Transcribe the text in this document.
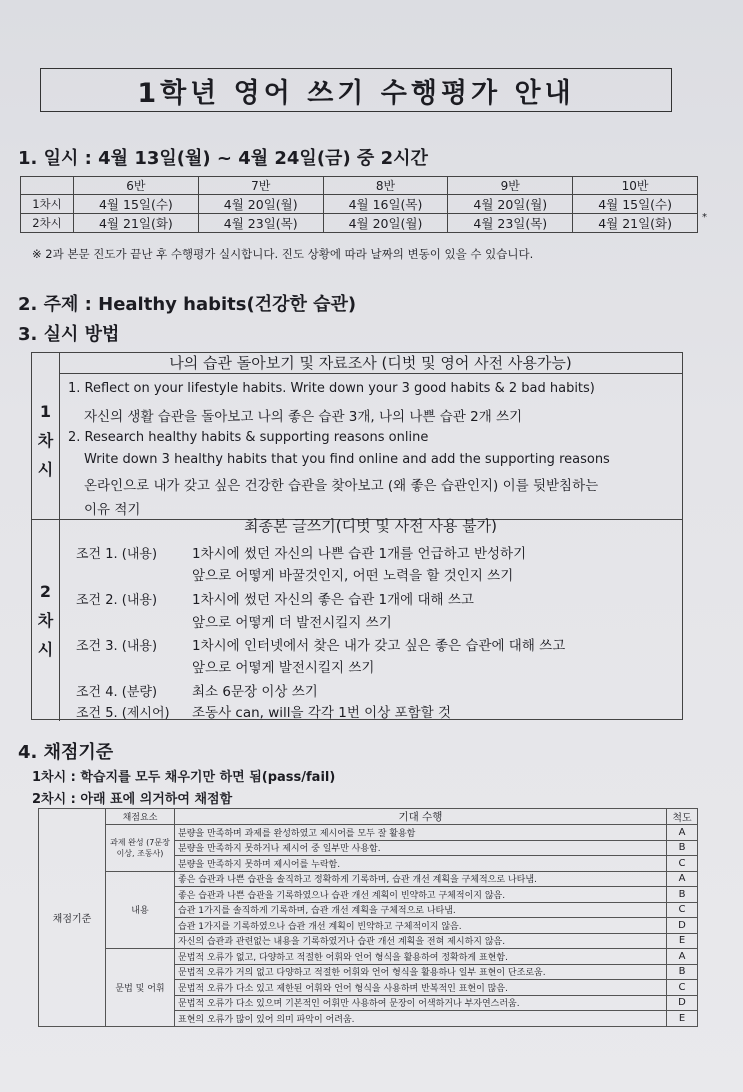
1학년 영어 쓰기 수행평가 안내
1. 일시 : 4월 13일(월) ~ 4월 24일(금) 중 2시간
	6반	7반	8반	9반	10반
1차시	4월 15일(수)	4월 20일(월)	4월 16일(목)	4월 20일(월)	4월 15일(수)
2차시	4월 21일(화)	4월 23일(목)	4월 20일(월)	4월 23일(목)	4월 21일(화)	*
※ 2과 본문 진도가 끝난 후 수행평가 실시합니다. 진도 상황에 따라 날짜의 변동이 있을 수 있습니다.
2. 주제 : Healthy habits(건강한 습관)
3. 실시 방법
1
차
시
나의 습관 돌아보기 및 자료조사 (디벗 및 영어 사전 사용가능)
1. Reflect on your lifestyle habits. Write down your 3 good habits & 2 bad habits)
자신의 생활 습관을 돌아보고 나의 좋은 습관 3개, 나의 나쁜 습관 2개 쓰기
2. Research healthy habits & supporting reasons online
Write down 3 healthy habits that you find online and add the supporting reasons
온라인으로 내가 갖고 싶은 건강한 습관을 찾아보고 (왜 좋은 습관인지) 이를 뒷받침하는
이유 적기
2
차
시
최종본 글쓰기(디벗 및 사전 사용 불가)
조건 1. (내용)	1차시에 썼던 자신의 나쁜 습관 1개를 언급하고 반성하기
앞으로 어떻게 바꿀것인지, 어떤 노력을 할 것인지 쓰기
조건 2. (내용)	1차시에 썼던 자신의 좋은 습관 1개에 대해 쓰고
앞으로 어떻게 더 발전시킬지 쓰기
조건 3. (내용)	1차시에 인터넷에서 찾은 내가 갖고 싶은 좋은 습관에 대해 쓰고
앞으로 어떻게 발전시킬지 쓰기
조건 4. (분량)	최소 6문장 이상 쓰기
조건 5. (제시어) 조동사 can, will을 각각 1번 이상 포함할 것
4. 채점기준
1차시 : 학습지를 모두 채우기만 하면 됨(pass/fail)
2차시 : 아래 표에 의거하여 채점함
채점기준	채점요소	기대 수행	척도
	과제 완성 (7문장이상, 조동사)	분량을 만족하며 과제를 완성하였고 제시어를 모두 잘 활용함	A
		분량을 만족하지 못하거나 제시어 중 일부만 사용함.	B
		분량을 만족하지 못하며 제시어를 누락함.	C
	내용	좋은 습관과 나쁜 습관을 솔직하고 정확하게 기록하며, 습관 개선 계획을 구체적으로 나타냄.	A
		좋은 습관과 나쁜 습관을 기록하였으나 습관 개선 계획이 빈약하고 구체적이지 않음.	B
		습관 1가지를 솔직하게 기록하며, 습관 개선 계획을 구체적으로 나타냄.	C
		습관 1가지를 기록하였으나 습관 개선 계획이 빈약하고 구체적이지 않음.	D
		자신의 습관과 관련없는 내용을 기록하였거나 습관 개선 계획을 전혀 제시하지 않음.	E
	문법 및 어휘	문법적 오류가 없고, 다양하고 적절한 어휘와 언어 형식을 활용하여 정확하게 표현함.	A
		문법적 오류가 거의 없고 다양하고 적절한 어휘와 언어 형식을 활용하나 일부 표현이 단조로움.	B
		문법적 오류가 다소 있고 제한된 어휘와 언어 형식을 사용하며 반복적인 표현이 많음.	C
		문법적 오류가 다소 있으며 기본적인 어휘만 사용하여 문장이 어색하거나 부자연스러움.	D
		표현의 오류가 많이 있어 의미 파악이 어려움.	E
